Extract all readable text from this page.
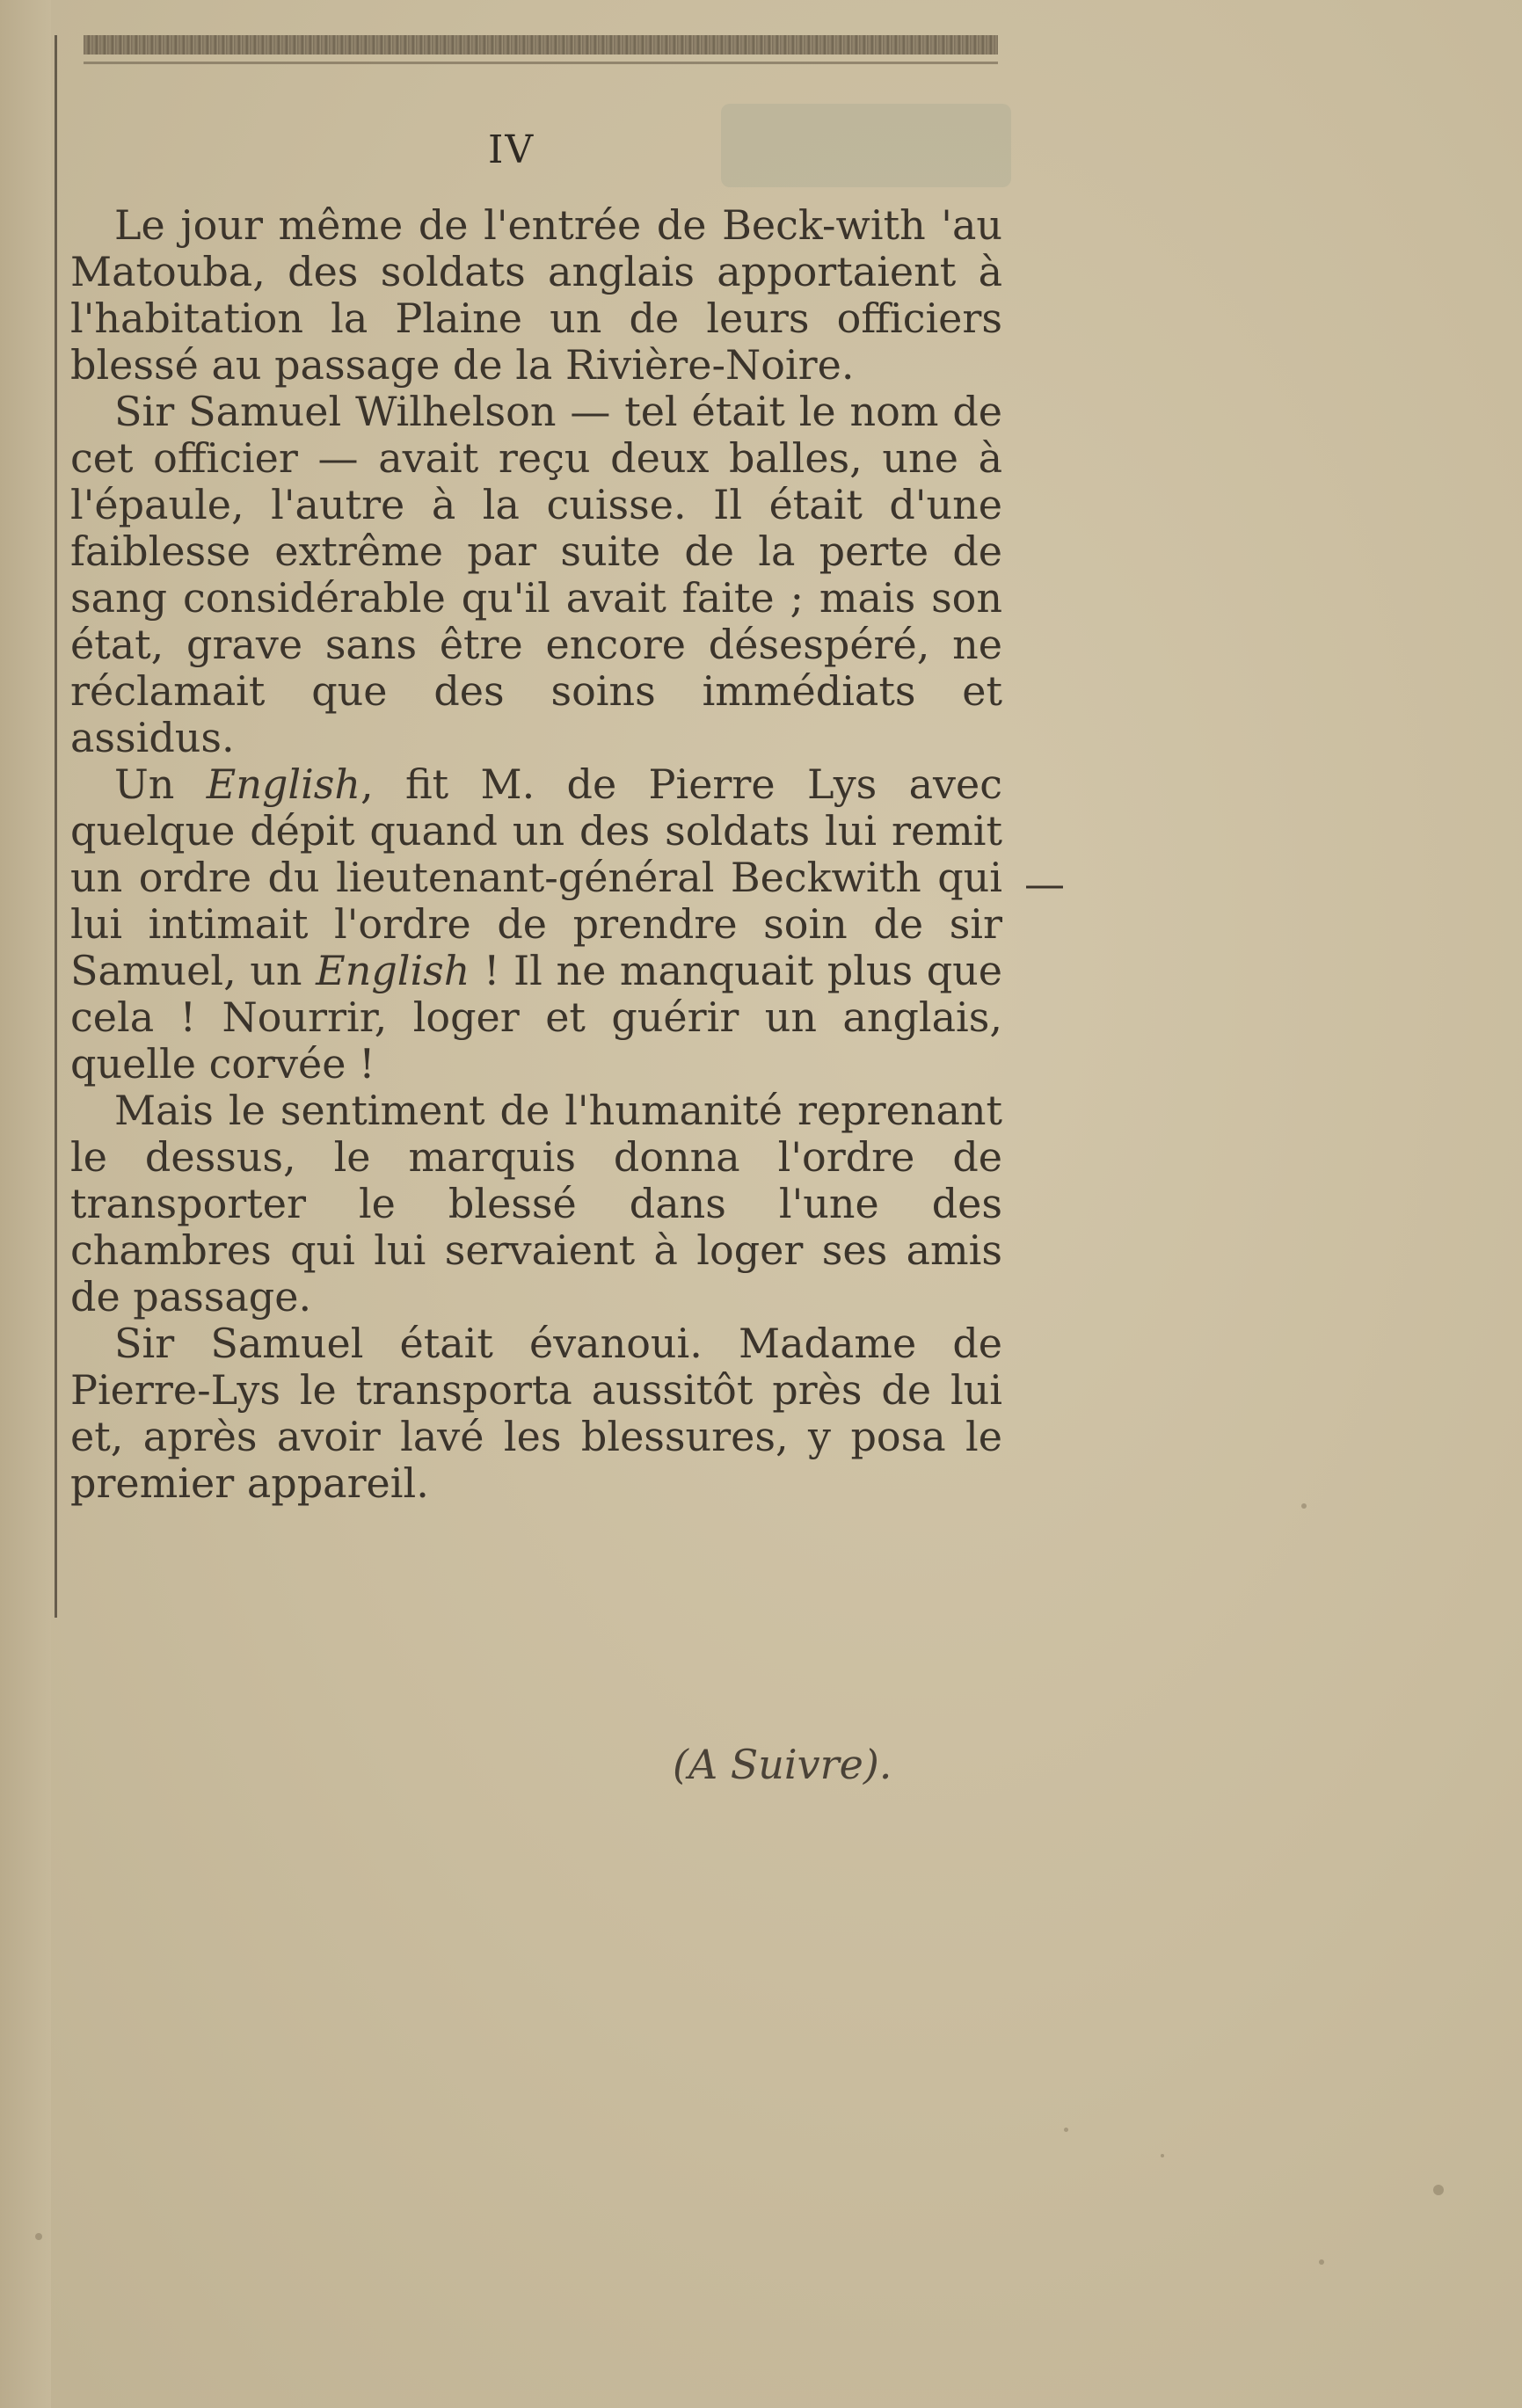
IV

Le jour même de l'entrée de Beck-with 'au Matouba, des soldats anglais apportaient à l'habitation la Plaine un de leurs officiers blessé au passage de la Rivière-Noire.

Sir Samuel Wilhelson — tel était le nom de cet officier — avait reçu deux balles, une à l'épaule, l'autre à la cuisse. Il était d'une faiblesse extrême par suite de la perte de sang considérable qu'il avait faite ; mais son état, grave sans être encore désespéré, ne réclamait que des soins immédiats et assidus.

Un English, fit M. de Pierre Lys avec quelque dépit quand un des soldats lui remit un ordre du lieutenant-général Beckwith qui lui intimait l'ordre de prendre soin de sir Samuel, un English ! Il ne manquait plus que cela ! Nourrir, loger et guérir un anglais, quelle corvée !

Mais le sentiment de l'humanité reprenant le dessus, le marquis donna l'ordre de transporter le blessé dans l'une des chambres qui lui servaient à loger ses amis de passage.

Sir Samuel était évanoui. Madame de Pierre-Lys le transporta aussitôt près de lui et, après avoir lavé les blessures, y posa le premier appareil.

—
(A Suivre).
